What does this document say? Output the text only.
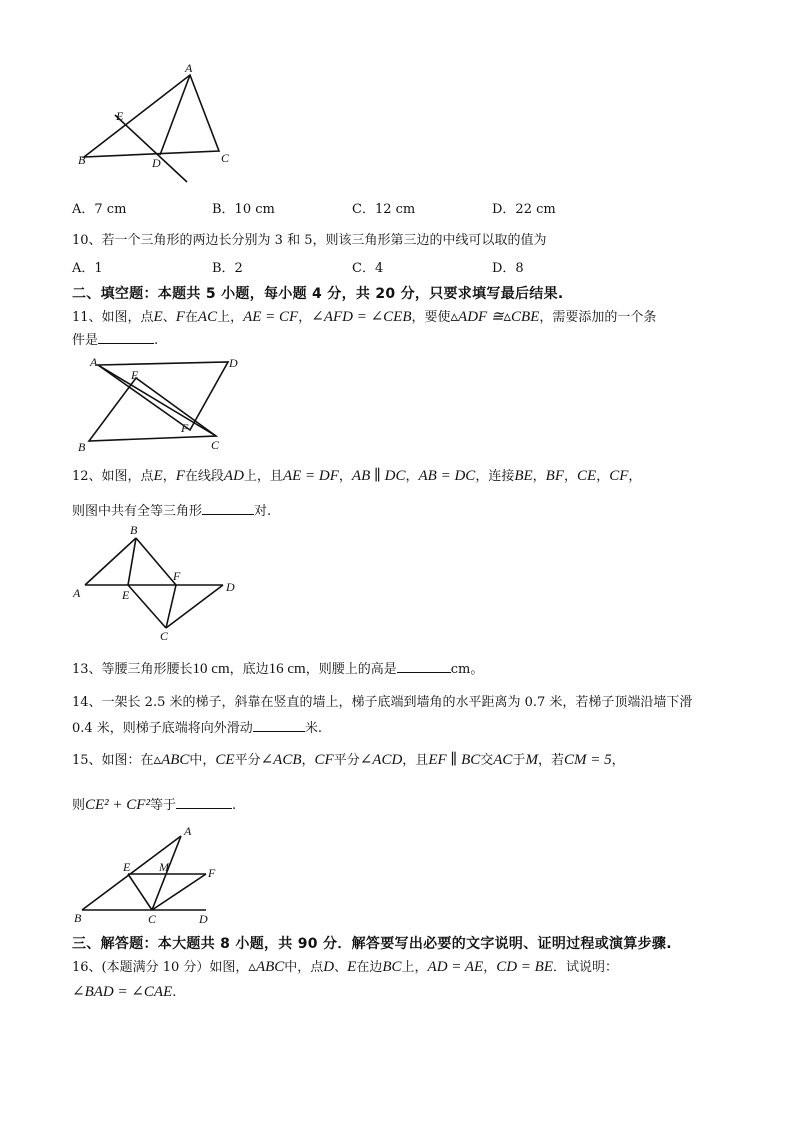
A
E
B	D	C
A．7 cm	B．10 cm	C．12 cm	D．22 cm
10、若一个三角形的两边长分别为 3 和 5，则该三角形第三边的中线可以取的值为
A．1	B．2	C．4	D．8
二、填空题：本题共 5 小题，每小题 4 分，共 20 分，只要求填写最后结果.
11、如图，点E、F在AC上，AE = CF，∠AFD = ∠CEB，要使▵ADF ≅▵CBE，需要添加的一个条
件是	.
A	D
E
F
B	C
12、如图，点E，F在线段AD上，且AE = DF，AB ∥ DC，AB = DC，连接BE，BF，CE，CF，
则图中共有全等三角形	对.
B
F
D
A	E
C
13、等腰三角形腰长10 cm，底边16 cm，则腰上的高是	cm。
14、一架长 2.5 米的梯子，斜靠在竖直的墙上，梯子底端到墙角的水平距离为 0.7 米，若梯子顶端沿墙下滑
0.4 米，则梯子底端将向外滑动	米.
15、如图：在▵ABC中，CE平分∠ACB，CF平分∠ACD，且EF ∥ BC交AC于M，若CM = 5，
则CE² + CF²等于	.
A
E M	F
B	C	D
三、解答题：本大题共 8 小题，共 90 分．解答要写出必要的文字说明、证明过程或演算步骤.
16、(本题满分 10 分）如图，▵ABC中，点D、E在边BC上，AD = AE，CD = BE．试说明：
∠BAD = ∠CAE.
